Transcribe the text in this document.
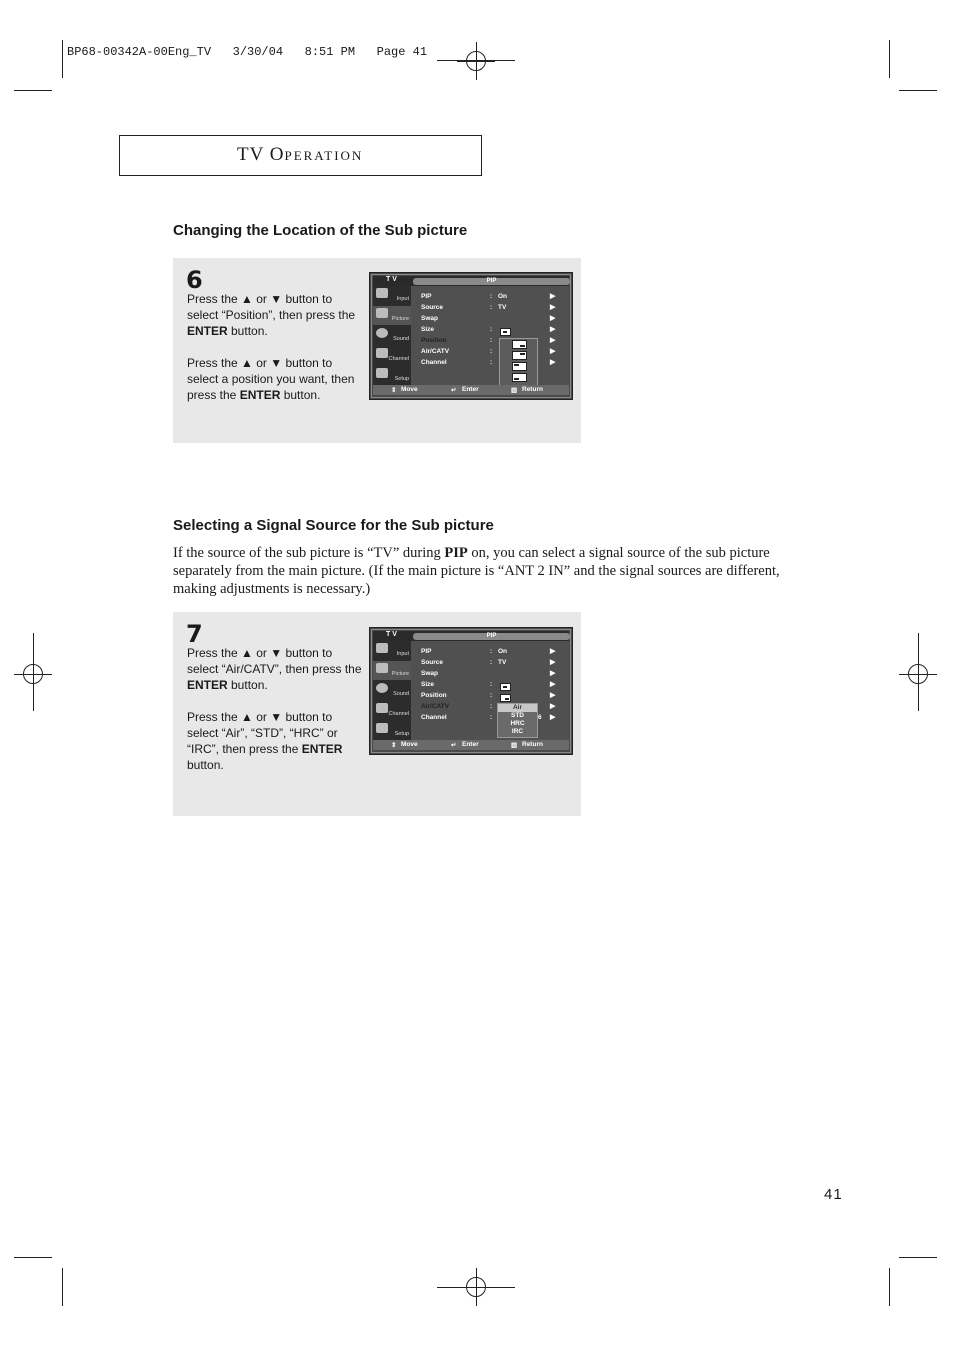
BP68-00342A-00Eng_TV   3/30/04   8:51 PM   Page 41
TV OPERATION
Changing the Location of the Sub picture
6

Press the ▲ or ▼ button to select “Position”, then press the ENTER button.

Press the ▲ or ▼ button to select a position you want, then press the ENTER button.

T V	PIP
Input
Picture
Sound
Channel
Setup
PIP	: On	▶
Source	: TV	▶
Swap	▶
Size	:	▶
Position	:	▶
Air/CATV	:	▶
Channel	:	▶
⇕ Move	↵ Enter	▥ Return
Selecting a Signal Source for the Sub picture
If the source of the sub picture is “TV” during PIP on, you can select a signal source of the sub picture separately from the main picture. (If the main picture is “ANT 2 IN” and the signal sources are different, making adjustments is necessary.)
7

Press the ▲ or ▼ button to select “Air/CATV”, then press the ENTER button.

Press the ▲ or ▼ button to select “Air”, “STD”, “HRC” or “IRC”, then press the ENTER button.

T V	PIP
Input
Picture
Sound
Channel
Setup
PIP	: On	▶
Source	: TV	▶
Swap	▶
Size	:	▶
Position	:	▶
Air/CATV	:	▶
Channel	:	6 ▶
Air
STD
HRC
IRC
⇕ Move	↵ Enter	▥ Return
41
